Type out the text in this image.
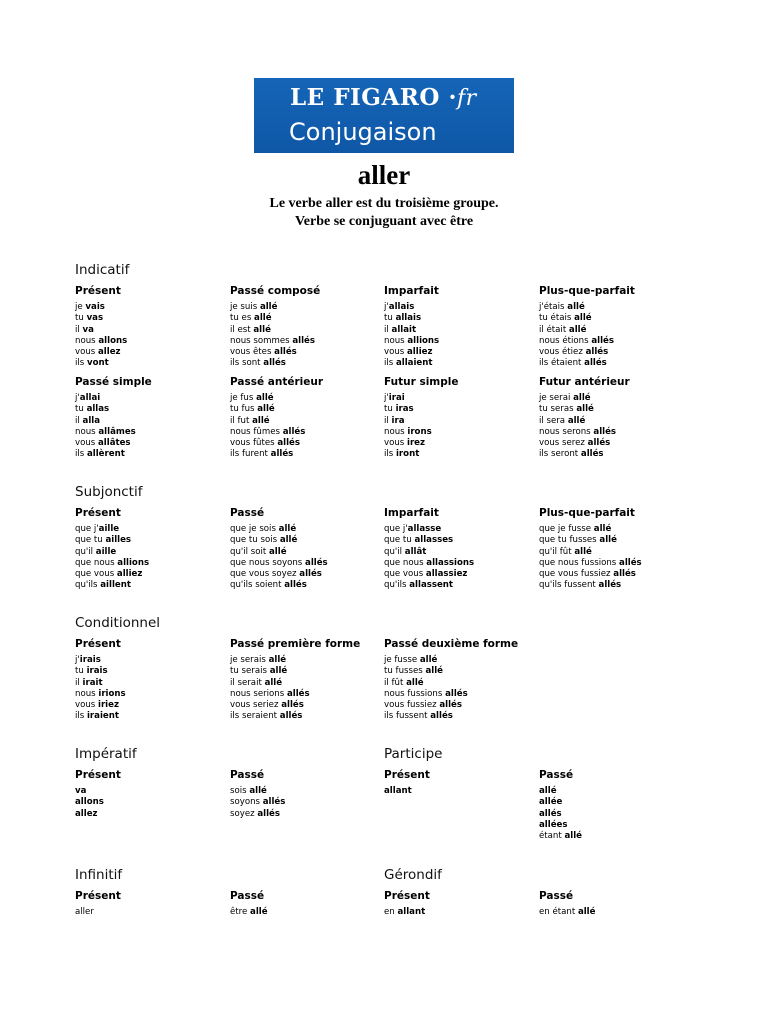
LE FIGARO ·fr
Conjugaison
aller
Le verbe aller est du troisième groupe.
Verbe se conjuguant avec être
Indicatif
Subjonctif
Conditionnel
Impératif	Participe
Infinitif	Gérondif
Présent
je vais
tu vas
il va
nous allons
vous allez
ils vont
Passé composé
je suis allé
tu es allé
il est allé
nous sommes allés
vous êtes allés
ils sont allés
Imparfait
j'allais
tu allais
il allait
nous allions
vous alliez
ils allaient
Plus-que-parfait
j'étais allé
tu étais allé
il était allé
nous étions allés
vous étiez allés
ils étaient allés
Passé simple
j'allai
tu allas
il alla
nous allâmes
vous allâtes
ils allèrent
Passé antérieur
je fus allé
tu fus allé
il fut allé
nous fûmes allés
vous fûtes allés
ils furent allés
Futur simple
j'irai
tu iras
il ira
nous irons
vous irez
ils iront
Futur antérieur
je serai allé
tu seras allé
il sera allé
nous serons allés
vous serez allés
ils seront allés
Présent
que j'aille
que tu ailles
qu'il aille
que nous allions
que vous alliez
qu'ils aillent
Passé
que je sois allé
que tu sois allé
qu'il soit allé
que nous soyons allés
que vous soyez allés
qu'ils soient allés
Imparfait
que j'allasse
que tu allasses
qu'il allât
que nous allassions
que vous allassiez
qu'ils allassent
Plus-que-parfait
que je fusse allé
que tu fusses allé
qu'il fût allé
que nous fussions allés
que vous fussiez allés
qu'ils fussent allés
Présent
j'irais
tu irais
il irait
nous irions
vous iriez
ils iraient
Passé première forme
je serais allé
tu serais allé
il serait allé
nous serions allés
vous seriez allés
ils seraient allés
Passé deuxième forme
je fusse allé
tu fusses allé
il fût allé
nous fussions allés
vous fussiez allés
ils fussent allés
Présent
va
allons
allez
Passé
sois allé
soyons allés
soyez allés
Présent
allant
Passé
allé
allée
allés
allées
étant allé
Présent
aller
Passé
être allé
Présent
en allant
Passé
en étant allé
